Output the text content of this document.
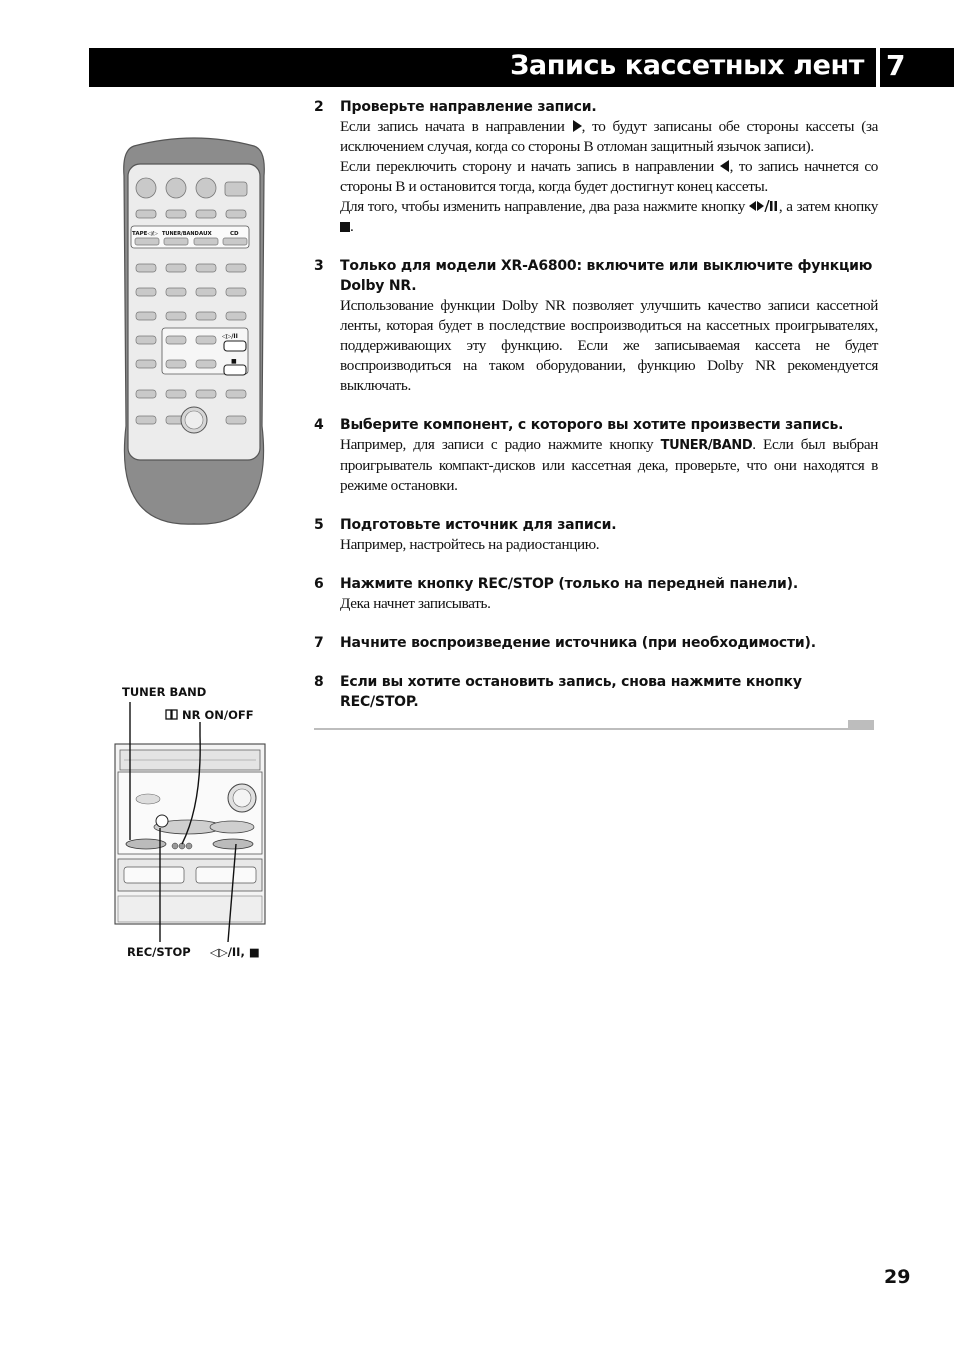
Запись кассетных лент 7
TAPE◁/▷ TUNER/BAND AUX	CD
◁▷/II
■
TUNER BAND
NR ON/OFF
REC/STOP ◁▷/II, ■
2 Проверьте направление записи.

Если запись начата в направлении , то будут записаны обе стороны кассеты (за исключением случая, когда со стороны В отломан защитный язычок записи).

Если переключить сторону и начать запись в направлении , то запись начнется со стороны В и остановится тогда, когда будет достигнут конец кассеты.

Для того, чтобы изменить направление, два раза нажмите кнопку , а затем кнопку .

3 Только для модели XR-A6800: включите или выключите функцию Dolby NR.

Использование функции Dolby NR позволяет улучшить качество записи кассетной ленты, которая будет в последствие воспроизводиться на кассетных проигрывателях, поддерживающих эту функцию. Если же записываемая кассета не будет воспроизводиться на таком оборудовании, функцию Dolby NR рекомендуется выключать.

4 Выберите компонент, с которого вы хотите произвести запись.

Например, для записи с радио нажмите кнопку TUNER/BAND. Если был выбран проигрыватель компакт-дисков или кассетная дека, проверьте, что они находятся в режиме остановки.

5 Подготовьте источник для записи.

Например, настройтесь на радиостанцию.

6 Нажмите кнопку REC/STOP (только на передней панели).

Дека начнет записывать.

7 Начните воспроизведение источника (при необходимости).
8 Если вы хотите остановить запись, снова нажмите кнопку REC/STOP.
29
